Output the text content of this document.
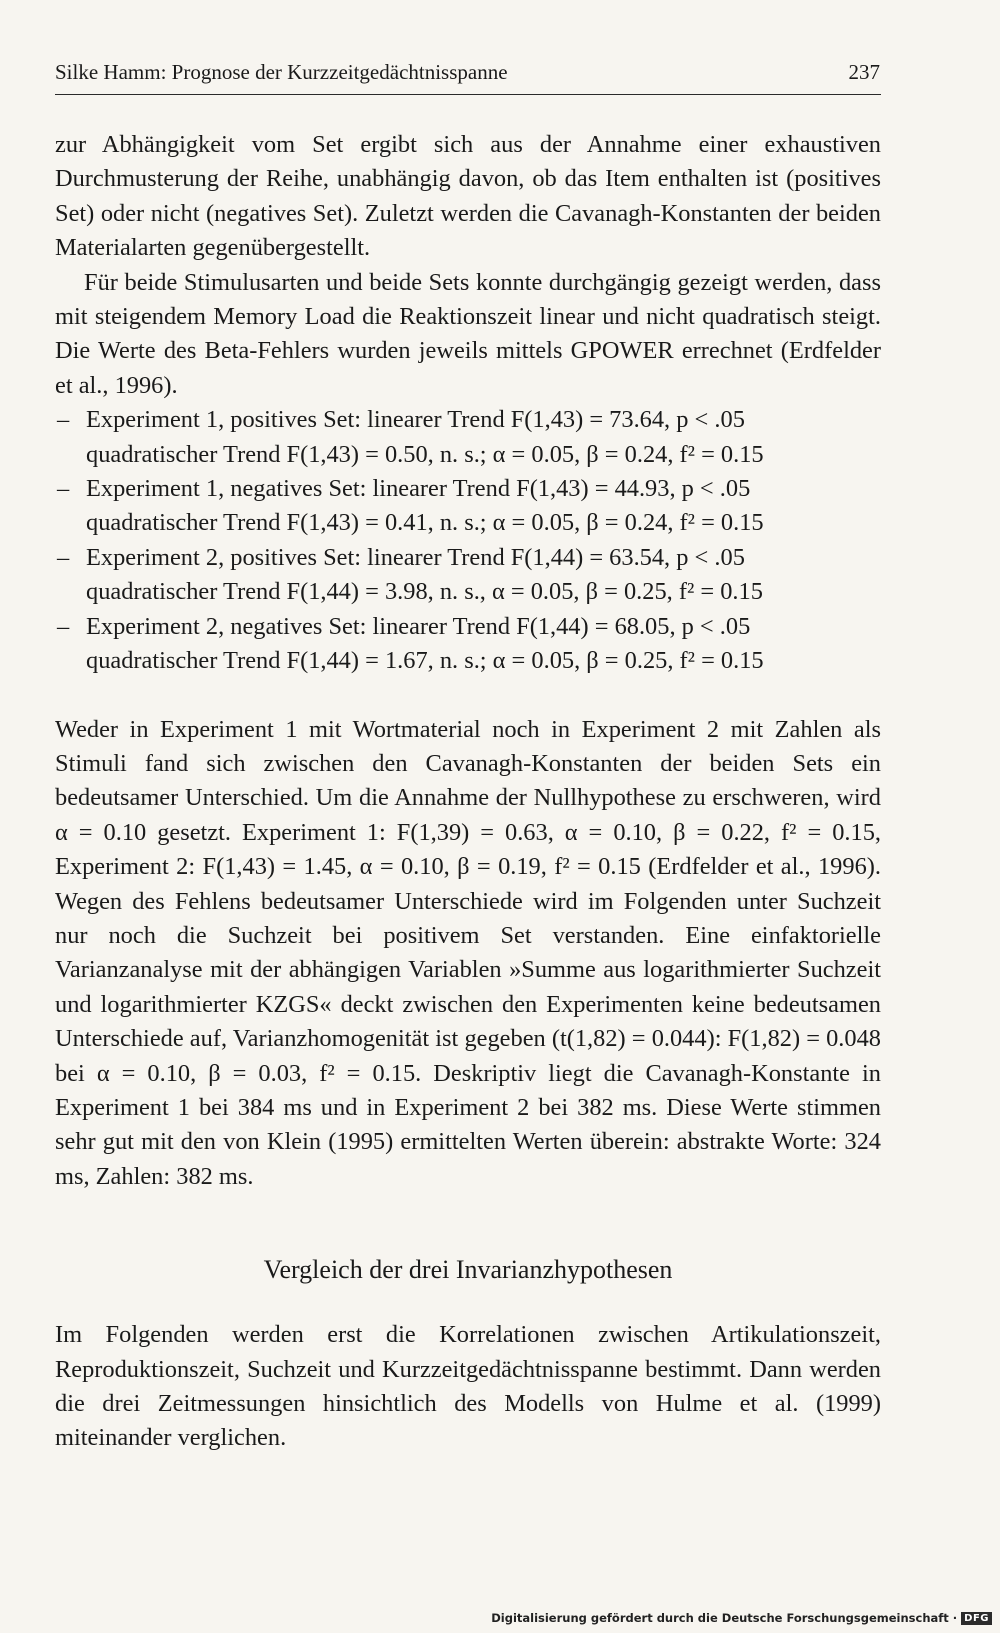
Silke Hamm: Prognose der Kurzzeitgedächtnisspanne	237

zur Abhängigkeit vom Set ergibt sich aus der Annahme einer exhaustiven Durchmusterung der Reihe, unabhängig davon, ob das Item enthalten ist (positives Set) oder nicht (negatives Set). Zuletzt werden die Cavanagh-Konstanten der beiden Materialarten gegenübergestellt.

Für beide Stimulusarten und beide Sets konnte durchgängig gezeigt werden, dass mit steigendem Memory Load die Reaktionszeit linear und nicht quadratisch steigt. Die Werte des Beta-Fehlers wurden jeweils mittels GPOWER errechnet (Erdfelder et al., 1996).

– Experiment 1, positives Set: linearer Trend F(1,43) = 73.64, p < .05
quadratischer Trend F(1,43) = 0.50, n. s.; α = 0.05, β = 0.24, f² = 0.15
– Experiment 1, negatives Set: linearer Trend F(1,43) = 44.93, p < .05
quadratischer Trend F(1,43) = 0.41, n. s.; α = 0.05, β = 0.24, f² = 0.15
– Experiment 2, positives Set: linearer Trend F(1,44) = 63.54, p < .05
quadratischer Trend F(1,44) = 3.98, n. s., α = 0.05, β = 0.25, f² = 0.15
– Experiment 2, negatives Set: linearer Trend F(1,44) = 68.05, p < .05
quadratischer Trend F(1,44) = 1.67, n. s.; α = 0.05, β = 0.25, f² = 0.15

Weder in Experiment 1 mit Wortmaterial noch in Experiment 2 mit Zahlen als Stimuli fand sich zwischen den Cavanagh-Konstanten der beiden Sets ein bedeutsamer Unterschied. Um die Annahme der Nullhypothese zu erschweren, wird α = 0.10 gesetzt. Experiment 1: F(1,39) = 0.63, α = 0.10, β = 0.22, f² = 0.15, Experiment 2: F(1,43) = 1.45, α = 0.10, β = 0.19, f² = 0.15 (Erdfelder et al., 1996). Wegen des Fehlens bedeutsamer Unterschiede wird im Folgenden unter Suchzeit nur noch die Suchzeit bei positivem Set verstanden. Eine einfaktorielle Varianzanalyse mit der abhängigen Variablen »Summe aus logarithmierter Suchzeit und logarithmierter KZGS« deckt zwischen den Experimenten keine bedeutsamen Unterschiede auf, Varianzhomogenität ist gegeben (t(1,82) = 0.044): F(1,82) = 0.048 bei α = 0.10, β = 0.03, f² = 0.15. Deskriptiv liegt die Cavanagh-Konstante in Experiment 1 bei 384 ms und in Experiment 2 bei 382 ms. Diese Werte stimmen sehr gut mit den von Klein (1995) ermittelten Werten überein: abstrakte Worte: 324 ms, Zahlen: 382 ms.

Vergleich der drei Invarianzhypothesen

Im Folgenden werden erst die Korrelationen zwischen Artikulationszeit, Reproduktionszeit, Suchzeit und Kurzzeitgedächtnisspanne bestimmt. Dann werden die drei Zeitmessungen hinsichtlich des Modells von Hulme et al. (1999) miteinander verglichen.

Digitalisierung gefördert durch die Deutsche Forschungsgemeinschaft · DFG
